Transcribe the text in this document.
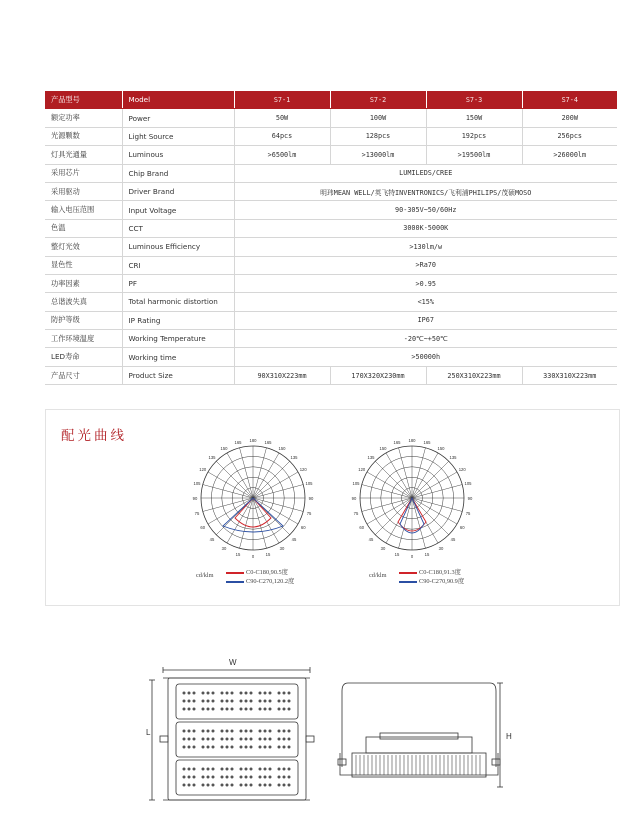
产品型号	Model	S7-1	S7-2	S7-3	S7-4
额定功率	Power	50W	100W	150W	200W
光源颗数	Light Source	64pcs	128pcs	192pcs	256pcs
灯具光通量	Luminous	>6500lm	>13000lm	>19500lm	>26000lm
采用芯片	Chip Brand	LUMILEDS/CREE			
采用驱动	Driver Brand	明玮MEAN WELL/英飞特INVENTRONICS/飞利浦PHILIPS/茂硕MOSO			
输入电压范围	Input Voltage	90-305V~50/60Hz			
色温	CCT	3000K-5000K			
整灯光效	Luminous Efficiency	>130lm/w			
显色性	CRI	>Ra70			
功率因素	PF	>0.95			
总谐波失真	Total harmonic distortion	<15%			
防护等级	IP Rating	IP67			
工作环境温度	Working Temperature	-20℃~+50℃			
LED寿命	Working time	>50000h			
产品尺寸	Product Size	90X310X223mm	170X320X230mm	250X310X223mm	330X310X223mm
配光曲线	180 165
165
150
150
135
135
120
120
105
105
90
90
75
75
60
60
45
45
30
30
15
15	0
180 165
165
150
150
135
135
120
120
105
105
90
90
75
75
60
60
45
45
30
30
15
15	0
cd/klm	C0-C180,90.5度
C90-C270,120.2度
cd/klm	C0-C180,91.3度
C90-C270,90.9度
W
L	H
